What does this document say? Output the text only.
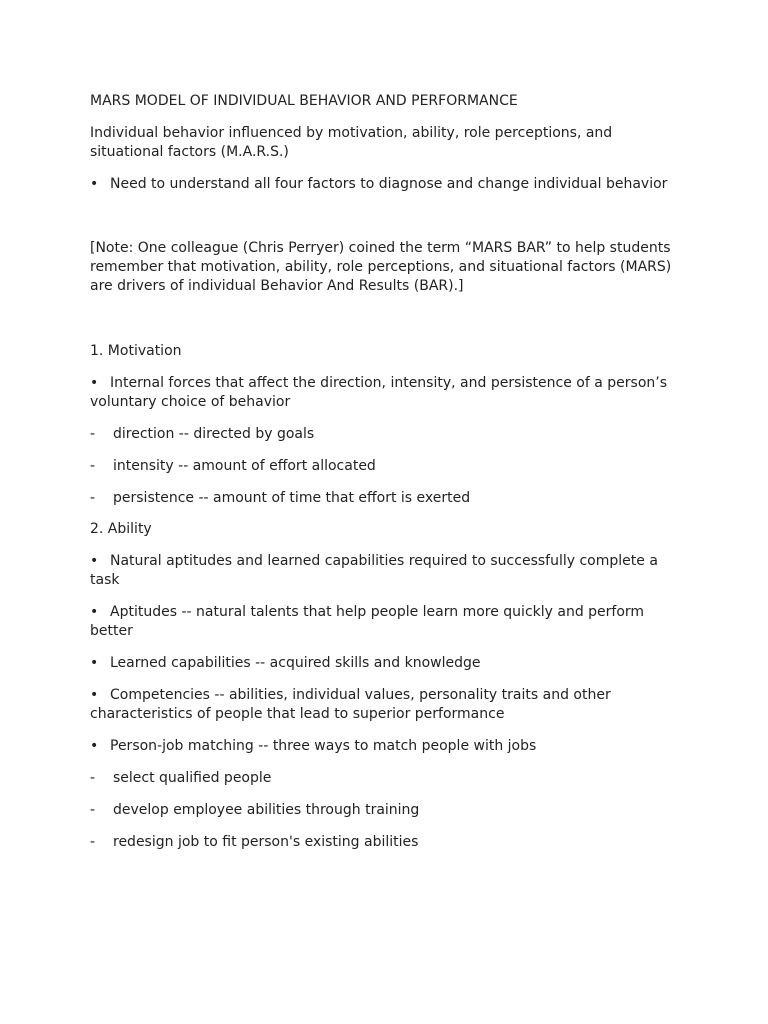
MARS MODEL OF INDIVIDUAL BEHAVIOR AND PERFORMANCE
Individual behavior influenced by motivation, ability, role perceptions, and situational factors (M.A.R.S.)
• Need to understand all four factors to diagnose and change individual behavior
[Note: One colleague (Chris Perryer) coined the term “MARS BAR” to help students remember that motivation, ability, role perceptions, and situational factors (MARS) are drivers of individual Behavior And Results (BAR).]
1. Motivation
• Internal forces that affect the direction, intensity, and persistence of a person’s voluntary choice of behavior
- direction -- directed by goals
- intensity -- amount of effort allocated
- persistence -- amount of time that effort is exerted
2. Ability
• Natural aptitudes and learned capabilities required to successfully complete a task
• Aptitudes -- natural talents that help people learn more quickly and perform better
• Learned capabilities -- acquired skills and knowledge
• Competencies -- abilities, individual values, personality traits and other characteristics of people that lead to superior performance
• Person-job matching -- three ways to match people with jobs
- select qualified people
- develop employee abilities through training
- redesign job to fit person's existing abilities
